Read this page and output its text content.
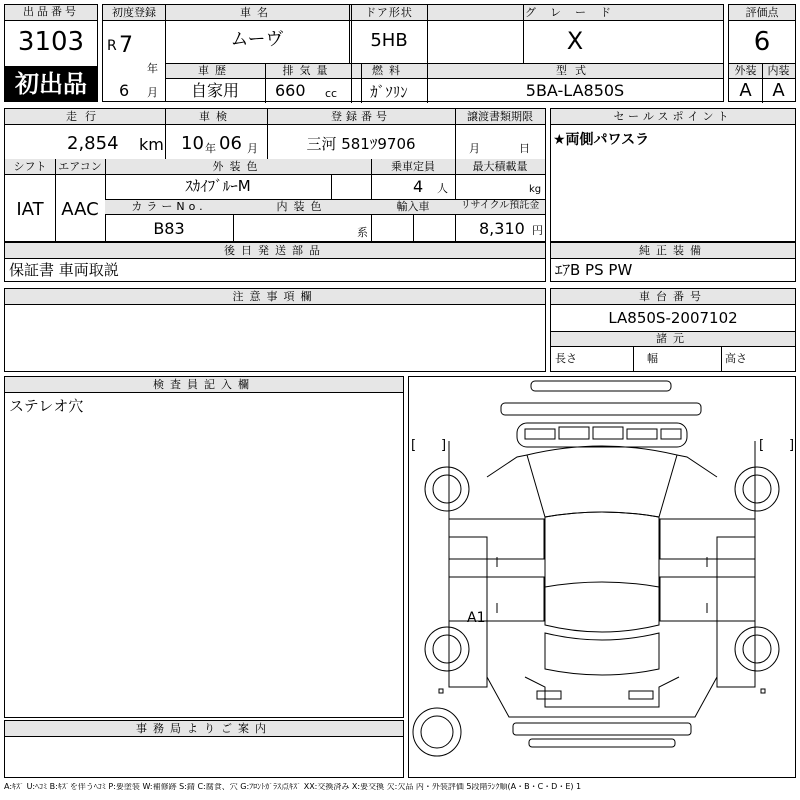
出品番号
3103
初出品
初度登録
R 7
年
6 月
車名
ムーヴ
ドア形状
5HB
グレード
X
車歴
自家用
排気量
660 cc
燃料
ｶﾞｿﾘﾝ
型式
5BA-LA850S
評価点
6
外装	内装
A	A
走行
2,854 km
車検
10 年 06 月
登録番号
三河 581ﾂ9706
譲渡書類期限
月	日
シフト
IAT
エアコン
AAC
外装色
ｽｶｲﾌﾞﾙｰM
乗車定員
4 人
最大積載量
kg
カラーNo.
B83
内装色
系
輸入車	リサイクル預託金
8,310 円
セールスポイント
★両側パワスラ
後日発送部品
保証書 車両取説
純正装備
ｴｱB PS PW
注意事項欄	車台番号
LA850S-2007102
諸元
長さ	幅	高さ
検査員記入欄
ステレオ穴
事務局よりご案内
[ ]	[ ]
A1
A:ｷｽﾞ U:ﾍｺﾐ B:ｷｽﾞを伴うﾍｺﾐ P:要塗装 W:補修跡 S:錆 C:腐食、穴 G:ﾌﾛﾝﾄｶﾞﾗｽ点ｷｽﾞ XX:交換済み X:要交換 欠:欠品 内・外装評価 5段階ﾗﾝｸ順(A・B・C・D・E) 1
